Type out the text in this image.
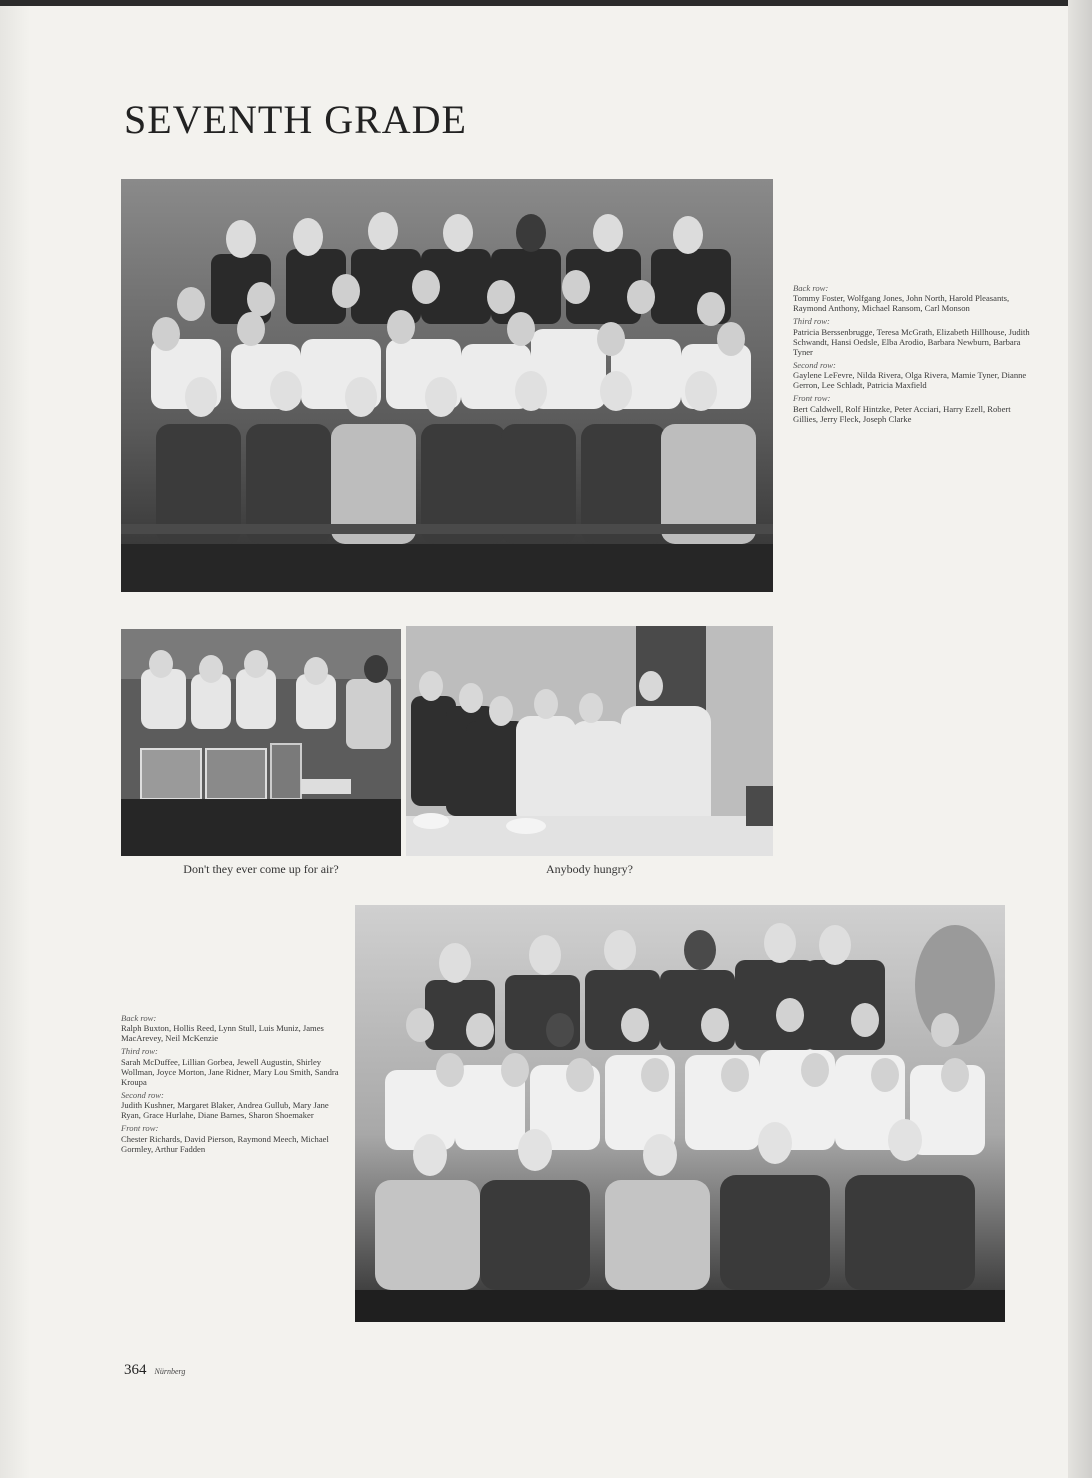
SEVENTH GRADE
Back row:
Tommy Foster, Wolfgang Jones, John North, Harold Pleasants, Raymond Anthony, Michael Ransom, Carl Monson
Third row:
Patricia Berssenbrugge, Teresa McGrath, Elizabeth Hillhouse, Judith Schwandt, Hansi Oedsle, Elba Arodio, Barbara Newburn, Barbara Tyner
Second row:
Gaylene LeFevre, Nilda Rivera, Olga Rivera, Mamie Tyner, Dianne Gerron, Lee Schladt, Patricia Maxfield
Front row:
Bert Caldwell, Rolf Hintzke, Peter Acciari, Harry Ezell, Robert Gillies, Jerry Fleck, Joseph Clarke
Don't they ever come up for air?	Anybody hungry?
Back row:
Ralph Buxton, Hollis Reed, Lynn Stull, Luis Muniz, James MacArevey, Neil McKenzie
Third row:
Sarah McDuffee, Lillian Gorbea, Jewell Augustin, Shirley Wollman, Joyce Morton, Jane Ridner, Mary Lou Smith, Sandra Kroupa
Second row:
Judith Kushner, Margaret Blaker, Andrea Gullub, Mary Jane Ryan, Grace Hurlahe, Diane Barnes, Sharon Shoemaker
Front row:
Chester Richards, David Pierson, Raymond Meech, Michael Gormley, Arthur Fadden
364 Nürnberg
